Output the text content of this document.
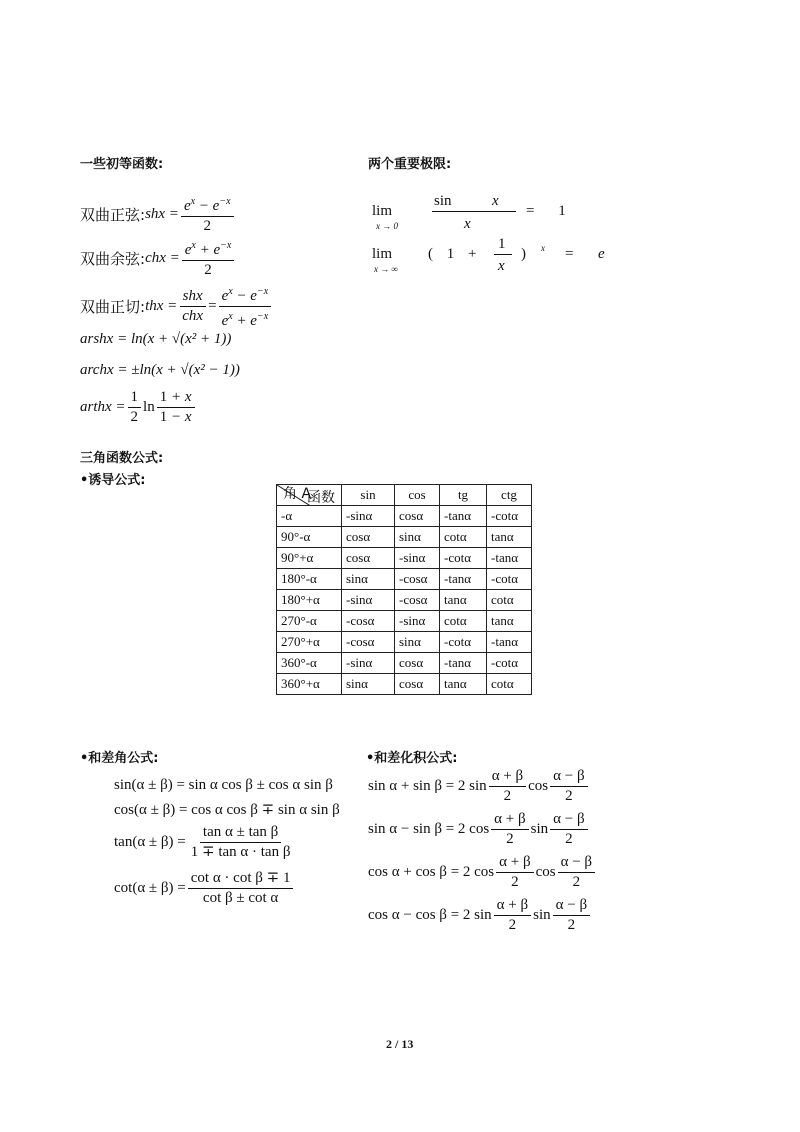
一些初等函数:	两个重要极限:
双曲正弦: shx = $\frac{e^x - e^{-x}}{2}$
双曲余弦: chx = $\frac{e^x + e^{-x}}{2}$
双曲正切: thx = $\frac{\text{shx}}{\text{chx}} = \frac{e^x - e^{-x}}{e^x + e^{-x}}$
arshx = ln(x + √(x² + 1))
archx = ±ln(x + √(x² − 1))
arthx = $\frac{1}{2}$ $\ln \frac{1 + x}{1 - x}$
lim
x → 0
sin	x
x
= 1
lim
x → ∞
( 1 +
1
x
) x = e
三角函数公式:
•诱导公式:
函数
角 A	sin	cos	tg	ctg
-α	-sinα	cosα	-tanα	-cotα
90°-α	cosα	sinα	cotα	tanα
90°+α	cosα	-sinα	-cotα	-tanα
180°-α	sinα	-cosα	-tanα	-cotα
180°+α	-sinα	-cosα	tanα	cotα
270°-α	-cosα	-sinα	cotα	tanα
270°+α	-cosα	sinα	-cotα	-tanα
360°-α	-sinα	cosα	-tanα	-cotα
360°+α	sinα	cosα	tanα	cotα
•和差角公式:	•和差化积公式:
sin(α ± β) = sin α cos β ± cos α sin β
cos(α ± β) = cos α cos β ∓ sin α sin β
$\tan(\alpha \pm \beta) = \frac{\text{tan α ± tan β}}{\text{1 ∓ tan α · tan β}}$
$\cot(\alpha \pm \beta) = \frac{\text{cot α · cot β ∓ 1}}{\text{cot β ± cot α}}$
sin α + sin β = 2 $\sin \frac{\alpha + \beta}{2}$ $\cos \frac{\alpha - \beta}{2}$
sin α − sin β = 2 $\cos \frac{\alpha + \beta}{2}$ $\sin \frac{\alpha - \beta}{2}$
cos α + cos β = 2 $\cos \frac{\alpha + \beta}{2}$ $\cos \frac{\alpha - \beta}{2}$
cos α − cos β = 2 $\sin \frac{\alpha + \beta}{2}$ $\sin \frac{\alpha - \beta}{2}$
2 / 13
